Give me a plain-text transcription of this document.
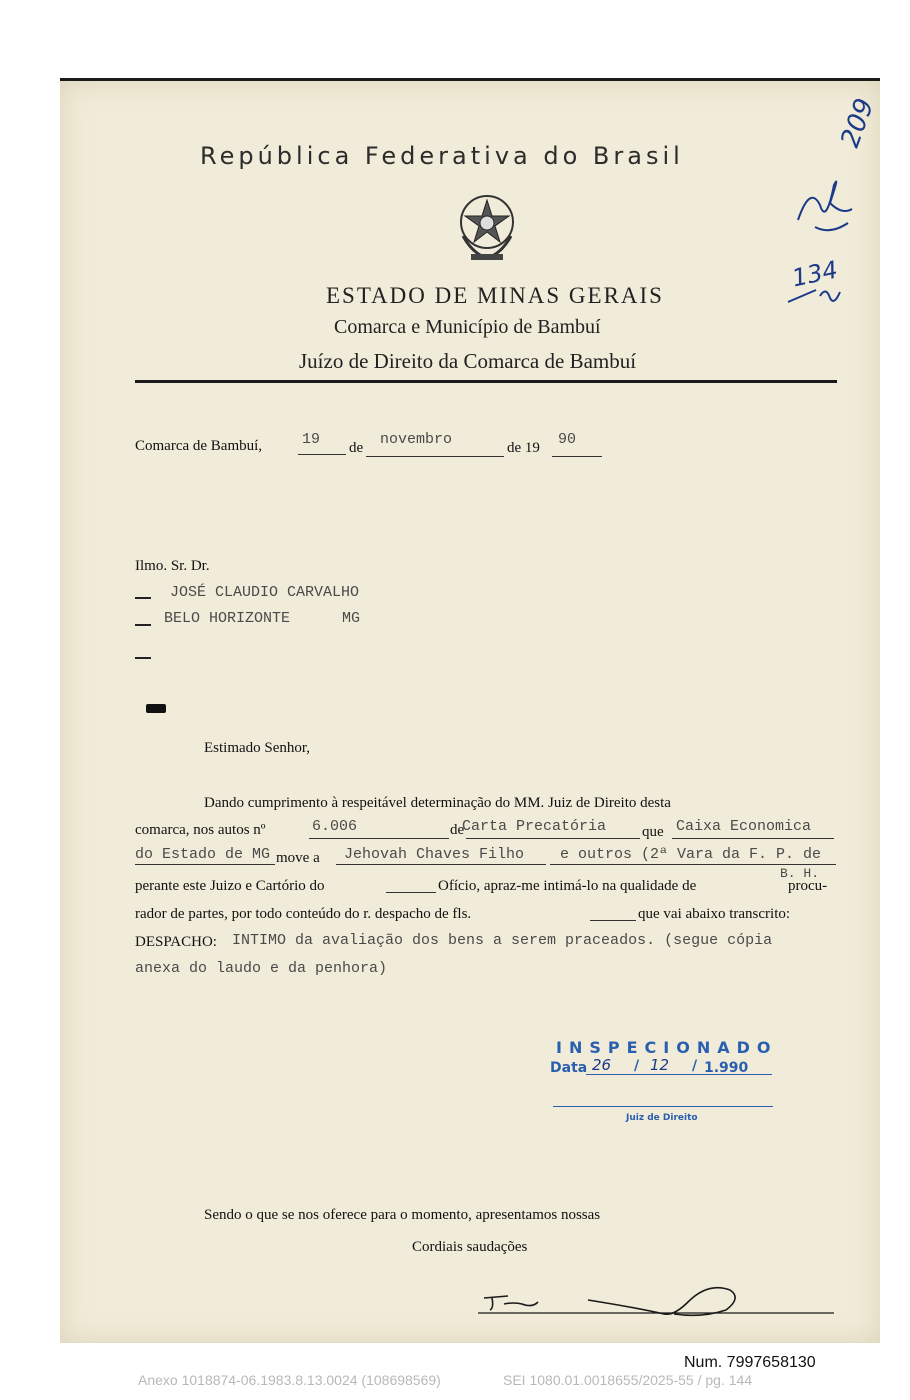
República Federativa do Brasil
ESTADO DE MINAS GERAIS
Comarca e Município de Bambuí
Juízo de Direito da Comarca de Bambuí
209
134
Comarca de Bambuí,	19 de novembro	de 19 90
Ilmo. Sr. Dr.
JOSÉ CLAUDIO CARVALHO
BELO HORIZONTE	MG
Estimado Senhor,
Dando cumprimento à respeitável determinação do MM. Juiz de Direito desta
comarca, nos autos nº	6.006	de
Carta Precatória que Caixa Economica
do Estado de MG move a Jehovah Chaves Filho e outros (2ª Vara da F. P. de
perante este Juizo e Cartório do	Ofício, apraz-me intimá-lo na qualidade de
B. H.
procu-
rador de partes, por todo conteúdo do r. despacho de fls.	que vai abaixo transcrito:
DESPACHO: INTIMO da avaliação dos bens a serem praceados. (segue cópia
anexa do laudo e da penhora)
INSPECIONADO
Data 26 / 12 / 1.990
Juiz de Direito
Sendo o que se nos oferece para o momento, apresentamos nossas
Cordiais saudações
Num. 7997658130
Anexo 1018874-06.1983.8.13.0024 (108698569)	SEI 1080.01.0018655/2025-55 / pg. 144
